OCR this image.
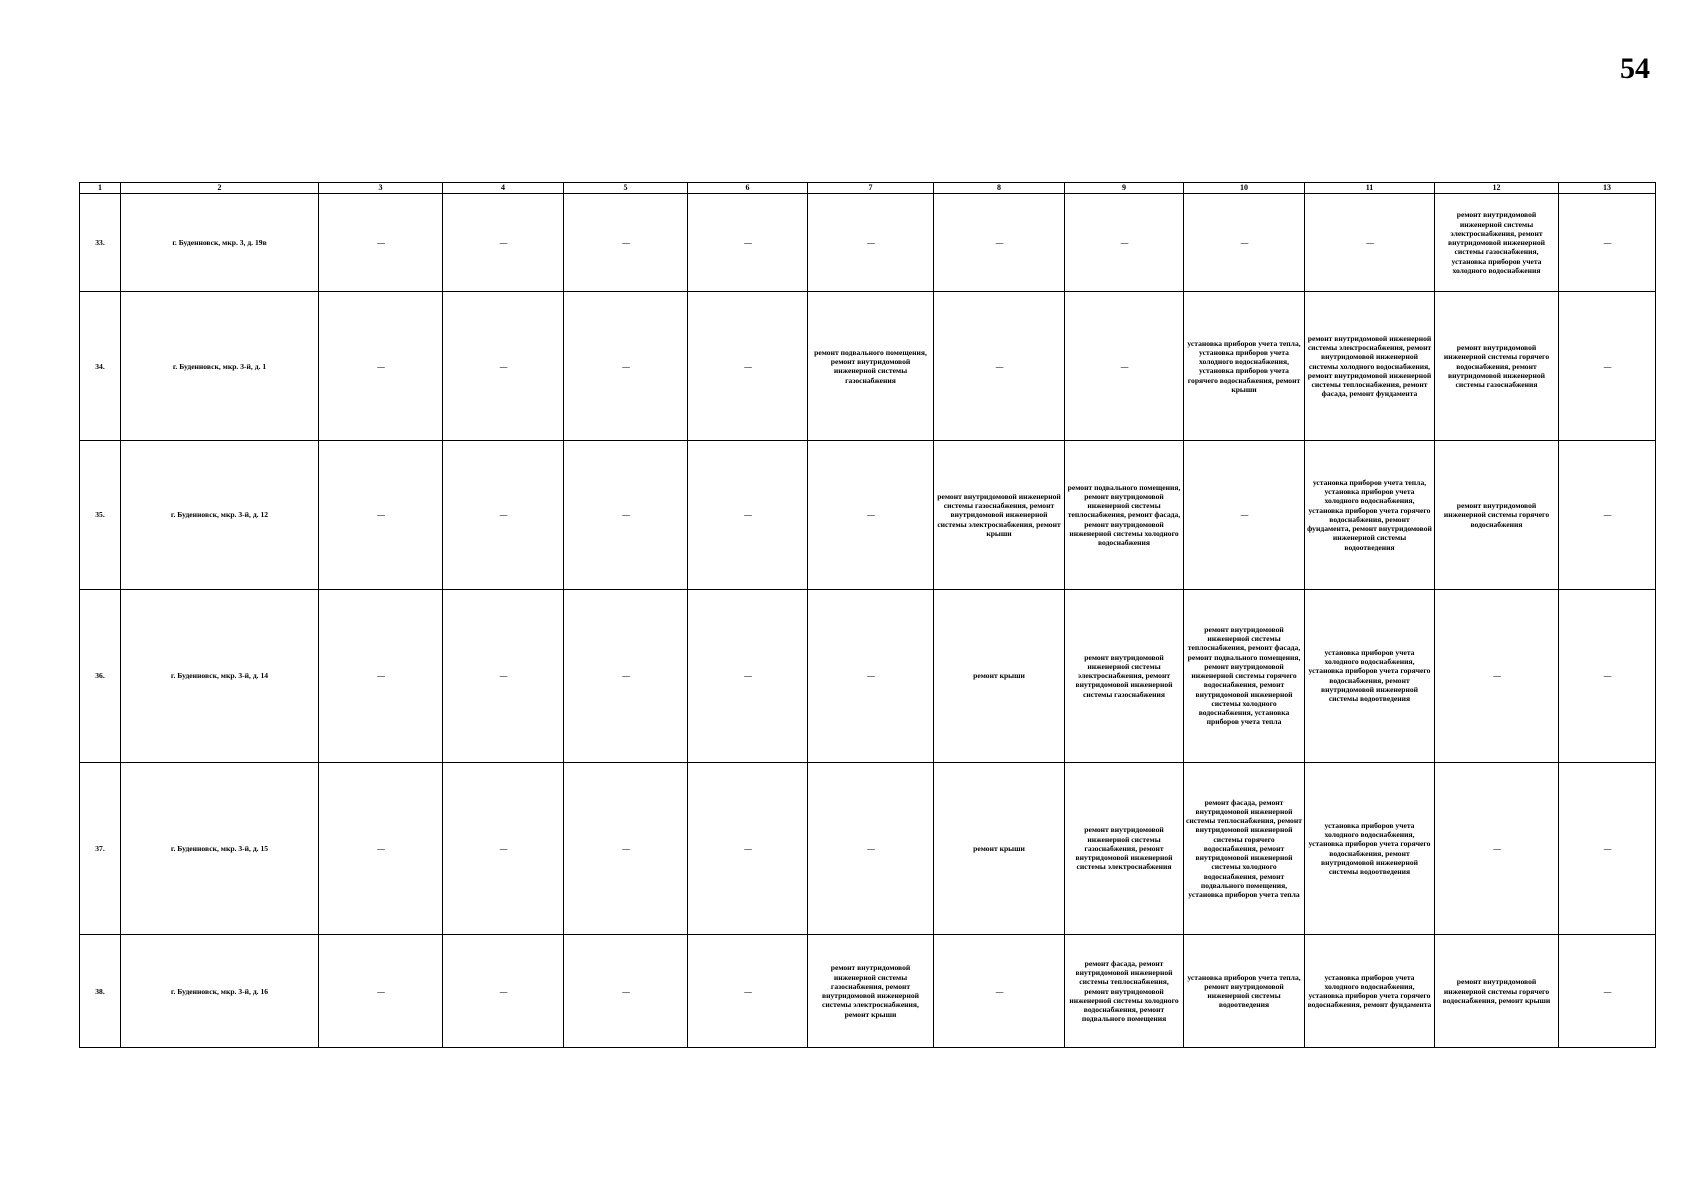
54
1	2	3	4	5	6	7	8	9	10	11	12	13
33.	г. Буденновск, мкр. 3, д. 19в	—	—	—	—	—	—	—	—	—	ремонт внутридомовой инженерной системы электроснабжения, ремонт внутридомовой инженерной системы газоснабжения, установка приборов учета холодного водоснабжения	—
34.	г. Буденновск, мкр. 3-й, д. 1	—	—	—	—	ремонт подвального помещения, ремонт внутридомовой инженерной системы газоснабжения	—	—	установка приборов учета тепла, установка приборов учета холодного водоснабжения, установка приборов учета горячего водоснабжения, ремонт крыши	ремонт внутридомовой инженерной системы электроснабжения, ремонт внутридомовой инженерной системы холодного водоснабжения, ремонт внутридомовой инженерной системы теплоснабжения, ремонт фасада, ремонт фундамента	ремонт внутридомовой инженерной системы горячего водоснабжения, ремонт внутридомовой инженерной системы газоснабжения	—
35.	г. Буденновск, мкр. 3-й, д. 12	—	—	—	—	—	ремонт внутридомовой инженерной системы газоснабжения, ремонт внутридомовой инженерной системы электроснабжения, ремонт крыши	ремонт подвального помещения, ремонт внутридомовой инженерной системы теплоснабжения, ремонт фасада, ремонт внутридомовой инженерной системы холодного водоснабжения	—	установка приборов учета тепла, установка приборов учета холодного водоснабжения, установка приборов учета горячего водоснабжения, ремонт фундамента, ремонт внутридомовой инженерной системы водоотведения	ремонт внутридомовой инженерной системы горячего водоснабжения	—
36.	г. Буденновск, мкр. 3-й, д. 14	—	—	—	—	—	ремонт крыши	ремонт внутридомовой инженерной системы электроснабжения, ремонт внутридомовой инженерной системы газоснабжения	ремонт внутридомовой инженерной системы теплоснабжения, ремонт фасада, ремонт подвального помещения, ремонт внутридомовой инженерной системы горячего водоснабжения, ремонт внутридомовой инженерной системы холодного водоснабжения, установка приборов учета тепла	установка приборов учета холодного водоснабжения, установка приборов учета горячего водоснабжения, ремонт внутридомовой инженерной системы водоотведения	—	—
37.	г. Буденновск, мкр. 3-й, д. 15	—	—	—	—	—	ремонт крыши	ремонт внутридомовой инженерной системы газоснабжения, ремонт внутридомовой инженерной системы электроснабжения	ремонт фасада, ремонт внутридомовой инженерной системы теплоснабжения, ремонт внутридомовой инженерной системы горячего водоснабжения, ремонт внутридомовой инженерной системы холодного водоснабжения, ремонт подвального помещения, установка приборов учета тепла	установка приборов учета холодного водоснабжения, установка приборов учета горячего водоснабжения, ремонт внутридомовой инженерной системы водоотведения	—	—
38.	г. Буденновск, мкр. 3-й, д. 16	—	—	—	—	ремонт внутридомовой инженерной системы газоснабжения, ремонт внутридомовой инженерной системы электроснабжения, ремонт крыши	—	ремонт фасада, ремонт внутридомовой инженерной системы теплоснабжения, ремонт внутридомовой инженерной системы холодного водоснабжения, ремонт подвального помещения	установка приборов учета тепла, ремонт внутридомовой инженерной системы водоотведения	установка приборов учета холодного водоснабжения, установка приборов учета горячего водоснабжения, ремонт фундамента	ремонт внутридомовой инженерной системы горячего водоснабжения, ремонт крыши	—
